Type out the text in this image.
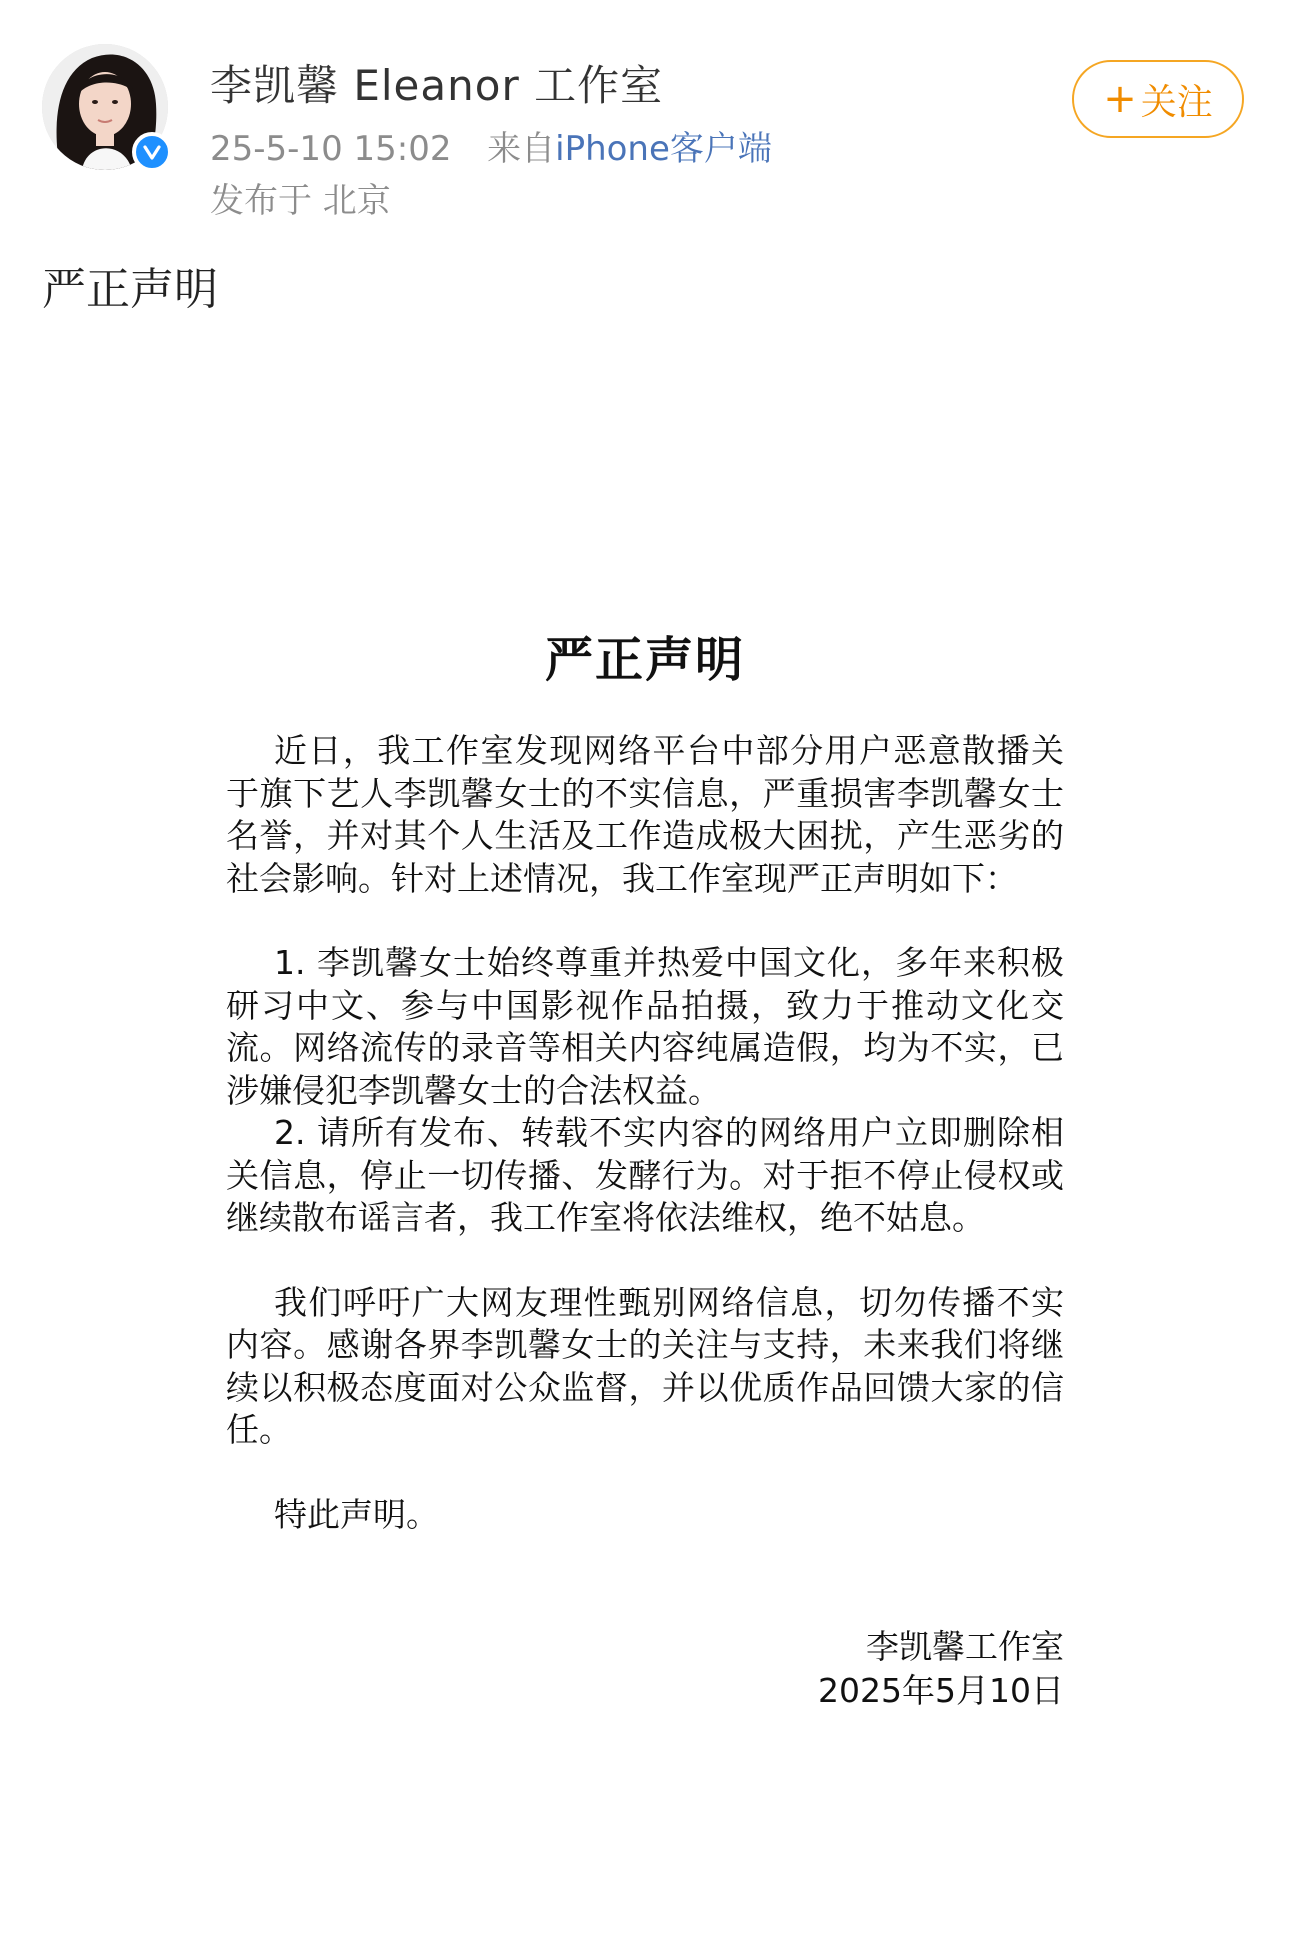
李凯馨 Eleanor 工作室
25-5-10 15:02 来自iPhone客户端
发布于 北京
+ 关注
严正声明
严正声明

近日，我工作室发现网络平台中部分用户恶意散播关于旗下艺人李凯馨女士的不实信息，严重损害李凯馨女士名誉，并对其个人生活及工作造成极大困扰，产生恶劣的社会影响。针对上述情况，我工作室现严正声明如下：

1. 李凯馨女士始终尊重并热爱中国文化，多年来积极研习中文、参与中国影视作品拍摄，致力于推动文化交流。网络流传的录音等相关内容纯属造假，均为不实，已涉嫌侵犯李凯馨女士的合法权益。

2. 请所有发布、转载不实内容的网络用户立即删除相关信息，停止一切传播、发酵行为。对于拒不停止侵权或继续散布谣言者，我工作室将依法维权，绝不姑息。

我们呼吁广大网友理性甄别网络信息，切勿传播不实内容。感谢各界李凯馨女士的关注与支持，未来我们将继续以积极态度面对公众监督，并以优质作品回馈大家的信任。

特此声明。

李凯馨工作室
2025年5月10日
